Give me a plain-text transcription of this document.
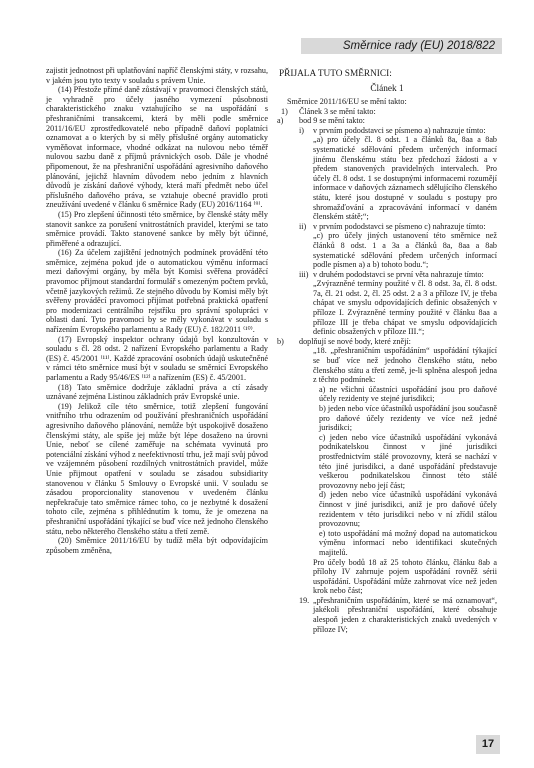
Směrnice rady (EU) 2018/822

zajistit jednotnost při uplatňování napříč členskými státy, v rozsahu, v jakém jsou tyto texty v souladu s právem Unie.

(14) Přestože přímé daně zůstávají v pravomoci členských států, je vyhradně pro účely jasného vymezení působnosti charakteristického znaku vztahujícího se na uspořádání s přeshraničními transakcemi, která by měli podle směrnice 2011/16/EU zprostředkovatelé nebo případně daňoví poplatníci oznamovat a o kterých by si měly příslušné orgány automaticky vyměňovat informace, vhodné odkázat na nulovou nebo téměř nulovou sazbu daně z příjmů právnických osob. Dále je vhodné připomenout, že na přeshraniční uspořádání agresivního daňového plánování, jejichž hlavním důvodem nebo jedním z hlavních důvodů je získání daňové výhody, která maří předmět nebo účel příslušného daňového práva, se vztahuje obecné pravidlo proti zneužívání uvedené v článku 6 směrnice Rady (EU) 2016/1164 ⁽⁹⁾.

(15) Pro zlepšení účinnosti této směrnice, by členské státy měly stanovit sankce za porušení vnitrostátních pravidel, kterými se tato směrnice provádí. Takto stanovené sankce by měly být účinné, přiměřené a odrazující.

(16) Za účelem zajištění jednotných podmínek provádění této směrnice, zejména pokud jde o automatickou výměnu informací mezi daňovými orgány, by měla být Komisi svěřena prováděcí pravomoc přijmout standardní formulář s omezeným počtem prvků, včetně jazykových režimů. Ze stejného důvodu by Komisi měly být svěřeny prováděcí pravomoci přijímat potřebná praktická opatření pro modernizaci centrálního rejstříku pro správní spolupráci v oblasti daní. Tyto pravomoci by se měly vykonávat v souladu s nařízením Evropského parlamentu a Rady (EU) č. 182/2011 ⁽¹⁰⁾.

(17) Evropský inspektor ochrany údajů byl konzultován v souladu s čl. 28 odst. 2 nařízení Evropského parlamentu a Rady (ES) č. 45/2001 ⁽¹¹⁾. Každé zpracování osobních údajů uskutečněné v rámci této směrnice musí být v souladu se směrnicí Evropského parlamentu a Rady 95/46/ES ⁽¹²⁾ a nařízením (ES) č. 45/2001.

(18) Tato směrnice dodržuje základní práva a ctí zásady uznávané zejména Listinou základních práv Evropské unie.

(19) Jelikož cíle této směrnice, totiž zlepšení fungování vnitřního trhu odrazením od používání přeshraničních uspořádání agresivního daňového plánování, nemůže být uspokojivě dosaženo členskými státy, ale spíše jej může být lépe dosaženo na úrovni Unie, neboť se cílené zaměřuje na schémata vyvinutá pro potenciální získání výhod z neefektivností trhu, jež mají svůj původ ve vzájemném působení rozdílných vnitrostátních pravidel, může Unie přijmout opatření v souladu se zásadou subsidiarity stanovenou v článku 5 Smlouvy o Evropské unii. V souladu se zásadou proporcionality stanovenou v uvedeném článku nepřekračuje tato směrnice rámec toho, co je nezbytné k dosažení tohoto cíle, zejména s přihlédnutím k tomu, že je omezena na přeshraniční uspořádání týkající se buď více než jednoho členského státu, nebo některého členského státu a třetí země.

(20) Směrnice 2011/16/EU by tudíž měla být odpovídajícím způsobem změněna,

PŘIJALA TUTO SMĚRNICI:

Článek 1

Směrnice 2011/16/EU se mění takto:

1) Článek 3 se mění takto:
a) bod 9 se mění takto:
i) v prvním pododstavci se písmeno a) nahrazuje tímto:

„a) pro účely čl. 8 odst. 1 a článků 8a, 8aa a 8ab systematické sdělování předem určených informací jinému členskému státu bez předchozí žádosti a v předem stanovených pravidelných intervalech. Pro účely čl. 8 odst. 1 se dostupnými informacemi rozumějí informace v daňových záznamech sdělujícího členského státu, které jsou dostupné v souladu s postupy pro shromažďování a zpracovávání informací v daném členském státě;“;

ii) v prvním pododstavci se písmeno c) nahrazuje tímto:

„c) pro účely jiných ustanovení této směrnice než článků 8 odst. 1 a 3a a článků 8a, 8aa a 8ab systematické sdělování předem určených informací podle písmen a) a b) tohoto bodu.“;

iii) v druhém pododstavci se první věta nahrazuje tímto:

„Zvýrazněné termíny použité v čl. 8 odst. 3a, čl. 8 odst. 7a, čl. 21 odst. 2, čl. 25 odst. 2 a 3 a příloze IV, je třeba chápat ve smyslu odpovídajících definic obsažených v příloze I. Zvýrazněné termíny použité v článku 8aa a příloze III je třeba chápat ve smyslu odpovídajících definic obsažených v příloze III.“;

b) doplňují se nové body, které znějí:

„18. „přeshraničním uspořádáním“ uspořádání týkající se buď více než jednoho členského státu, nebo členského státu a třetí země, je-li splněna alespoň jedna z těchto podmínek:

a) ne všichni účastníci uspořádání jsou pro daňové účely rezidenty ve stejné jurisdikci;

b) jeden nebo více účastníků uspořádání jsou současně pro daňové účely rezidenty ve více než jedné jurisdikci;

c) jeden nebo více účastníků uspořádání vykonává podnikatelskou činnost v jiné jurisdikci prostřednictvím stálé provozovny, která se nachází v této jiné jurisdikci, a dané uspořádání představuje veškerou podnikatelskou činnost této stálé provozovny nebo její část;

d) jeden nebo více účastníků uspořádání vykonává činnost v jiné jurisdikci, aniž je pro daňové účely rezidentem v této jurisdikci nebo v ní zřídil stálou provozovnu;

e) toto uspořádání má možný dopad na automatickou výměnu informací nebo identifikaci skutečných majitelů.

Pro účely bodů 18 až 25 tohoto článku, článku 8ab a přílohy IV zahrnuje pojem uspořádání rovněž sérii uspořádání. Uspořádání může zahrnovat více než jeden krok nebo část;

19. „přeshraničním uspořádáním, které se má oznamovat“, jakékoli přeshraniční uspořádání, které obsahuje alespoň jeden z charakteristických znaků uvedených v příloze IV;
17
